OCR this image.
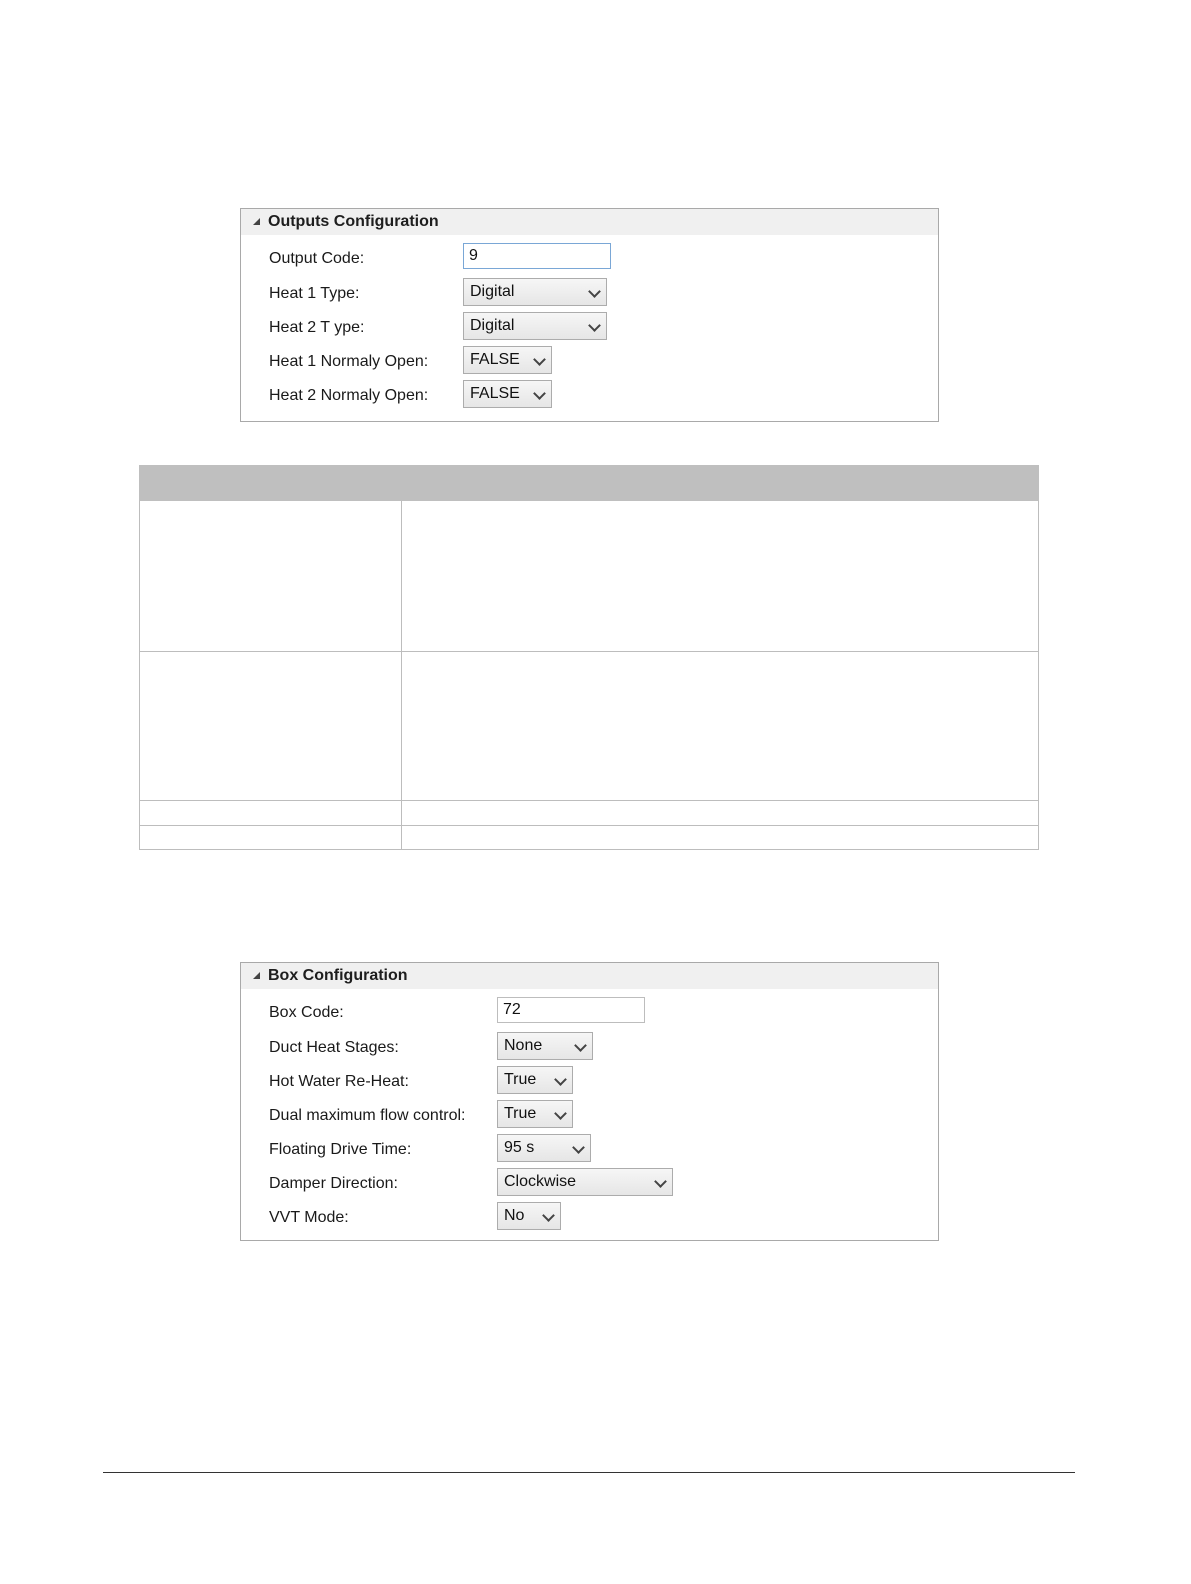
Outputs Configuration
Output Code:	9
Heat 1 Type:	Digital
Heat 2 T ype:	Digital
Heat 1 Normaly Open:	FALSE
Heat 2 Normaly Open:	FALSE
Box Configuration
Box Code:	72
Duct Heat Stages:	None
Hot Water Re-Heat:	True
Dual maximum flow control: True
Floating Drive Time:	95 s
Damper Direction:	Clockwise
VVT Mode:	No
